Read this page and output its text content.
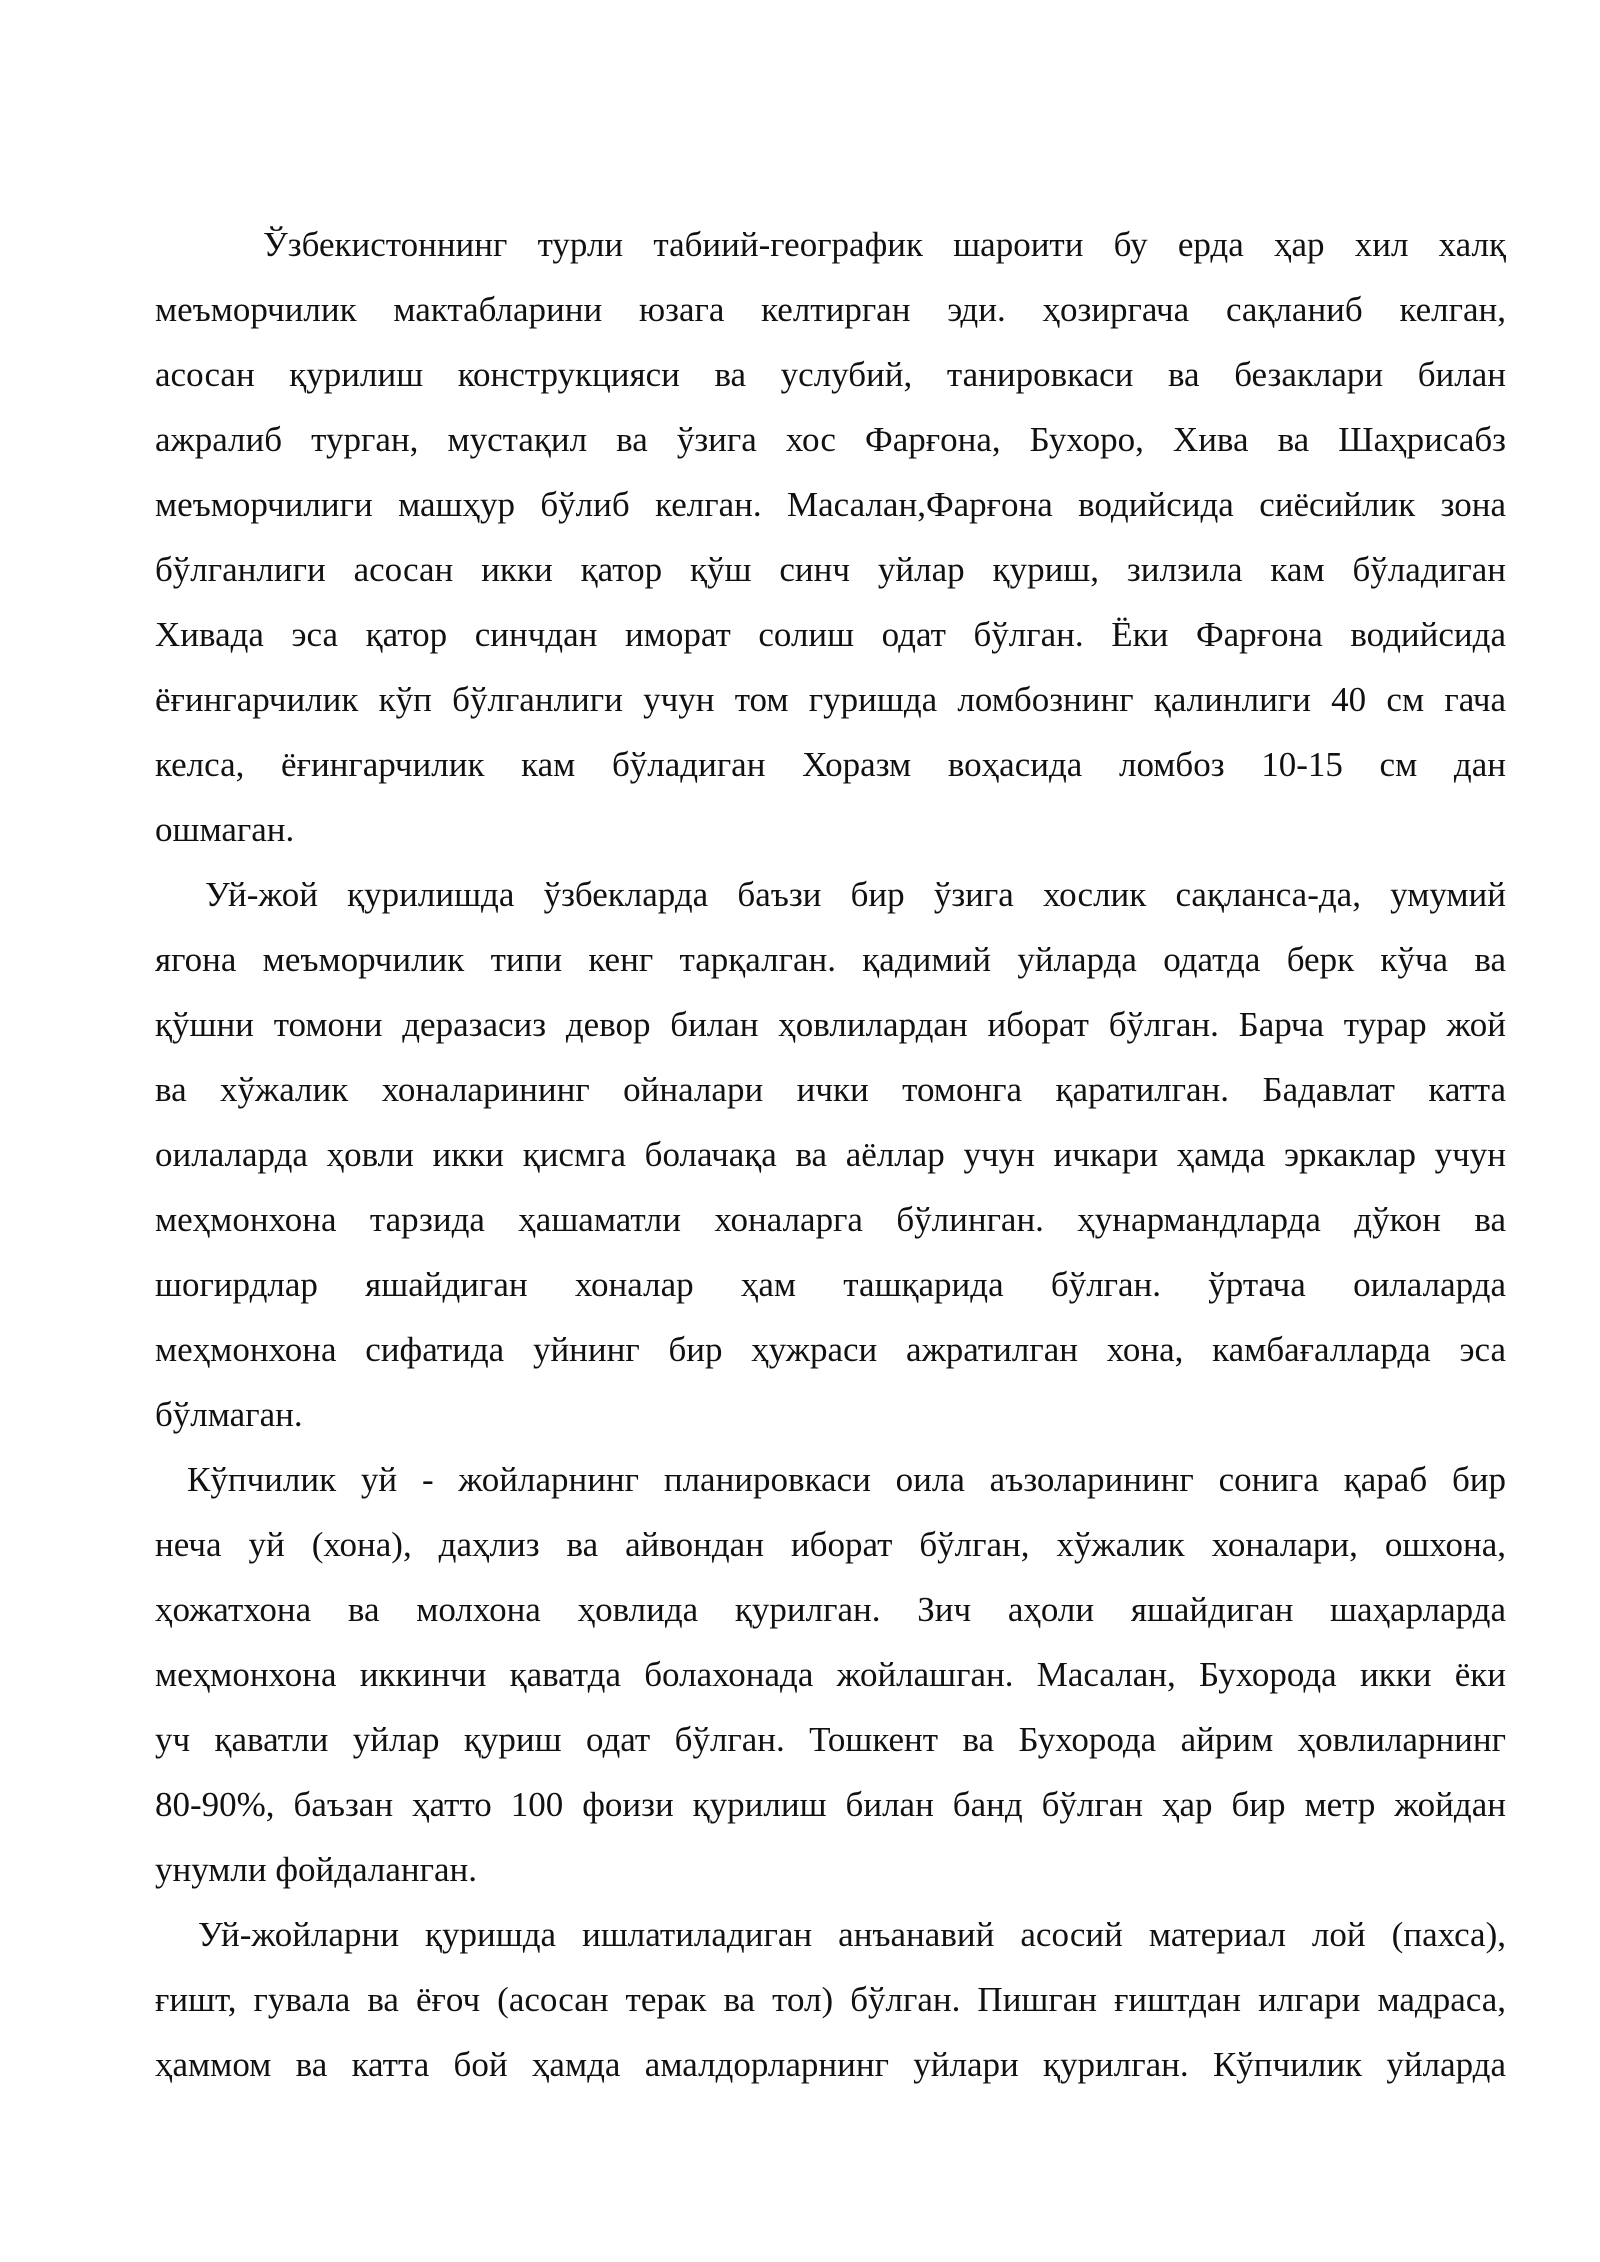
Ўзбекистоннинг турли табиий-географик шароити бу ерда ҳар хил халқ
меъморчилик мактабларини юзага келтирган эди. ҳозиргача сақланиб келган,
асосан қурилиш конструкцияси ва услубий, таниpовкаси ва безаклари билан
ажралиб турган, мустақил ва ўзига хос Фарғона, Бухоро, Хива ва Шаҳрисабз
меъморчилиги машҳур бўлиб келган. Масалан,Фарғона водийсида сиёсийлик зона
бўлганлиги асосан икки қатор қўш синч уйлар қуриш, зилзила кам бўладиган
Хивада эса қатор синчдан иморат солиш одат бўлган. Ёки Фарғона водийсида
ёғингарчилик кўп бўлганлиги учун том гуришда ломбознинг қалинлиги 40 см гача
келса, ёғингарчилик кам бўладиган Хоразм воҳасида ломбоз 10-15 см дан
ошмаган.
Уй-жой қурилишда ўзбекларда баъзи бир ўзига хослик сақланса-да, умумий
ягона меъморчилик типи кенг тарқалган. қадимий уйларда одатда берк кўча ва
қўшни томони деразасиз девор билан ҳовлилардан иборат бўлган. Барча турар жой
ва хўжалик хоналарининг ойналари ички томонга қаратилган. Бадавлат катта
оилаларда ҳовли икки қисмга болачақа ва аёллар учун ичкари ҳамда эркаклар учун
меҳмонхона тарзида ҳашаматли хоналарга бўлинган. ҳунармандларда дўкон ва
шогирдлар яшайдиган хоналар ҳам ташқарида бўлган. ўртача оилаларда
меҳмонхона сифатида уйнинг бир ҳужраси ажратилган хона, камбағалларда эса
бўлмаган.
Кўпчилик уй - жойларнинг планировкаси оила аъзоларининг сонига қараб бир
неча уй (хона), даҳлиз ва айвондан иборат бўлган, хўжалик хоналари, ошхона,
ҳожатхона ва молхона ҳовлида қурилган. Зич аҳоли яшайдиган шаҳарларда
меҳмонхона иккинчи қаватда болахонада жойлашган. Масалан, Бухорода икки ёки
уч қаватли уйлар қуриш одат бўлган. Тошкент ва Бухорода айрим ҳовлиларнинг
80-90%, баъзан ҳатто 100 фоизи қурилиш билан банд бўлган ҳар бир метр жойдан
унумли фойдаланган.
Уй-жойларни қуришда ишлатиладиган анъанавий асосий материал лой (пахса),
ғишт, гувала ва ёғоч (асосан терак ва тол) бўлган. Пишган ғиштдан илгари мадраса,
ҳаммом ва катта бой ҳамда амалдорларнинг уйлари қурилган. Кўпчилик уйларда
